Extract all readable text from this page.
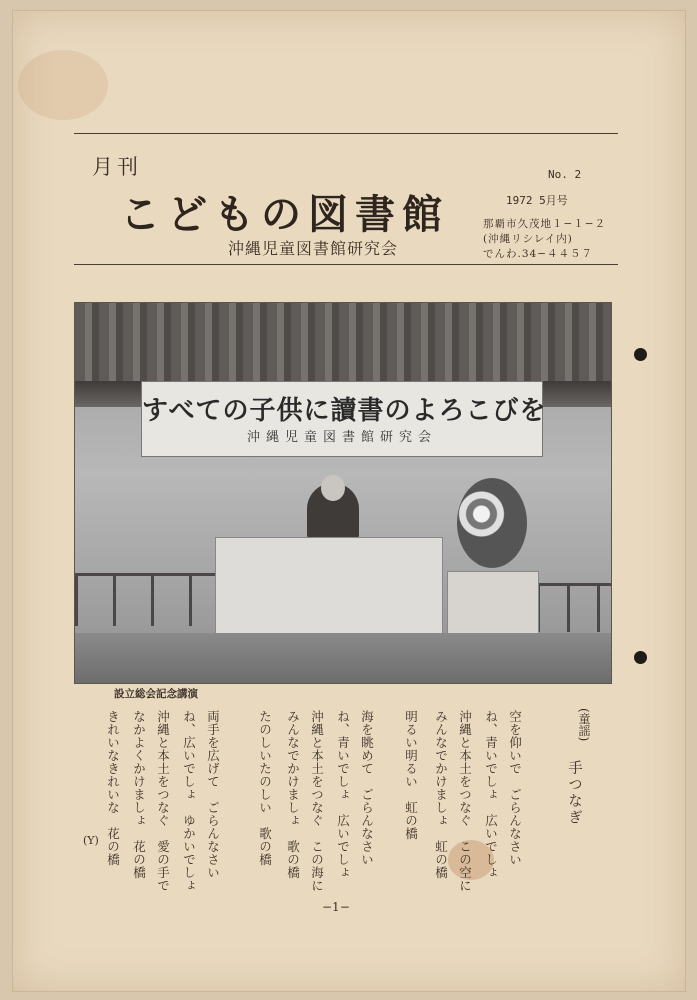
月刊
こどもの図書館
沖縄児童図書館研究会
No. 2
1972 5月号
那覇市久茂地１−１−２
(沖縄リシレイ内)
でんわ.34−４４５７
すべての子供に讀書のよろこびを
沖縄児童図書館研究会
設立総会記念講演
(童謡)
手つなぎ
空を仰いで　ごらんなさい
ね、青いでしょ　広いでしょ
沖縄と本土をつなぐ　この空に
みんなでかけましょ　虹の橋
明るい明るい　虹の橋
海を眺めて　ごらんなさい
ね、青いでしょ　広いでしょ
沖縄と本土をつなぐ　この海に
みんなでかけましょ　歌の橋
たのしいたのしい　歌の橋
両手を広げて　ごらんなさい
ね、広いでしょ　ゆかいでしょ
沖縄と本土をつなぐ　愛の手で
なかよくかけましょ　花の橋
きれいなきれいな　花の橋
(Y)
−1−
